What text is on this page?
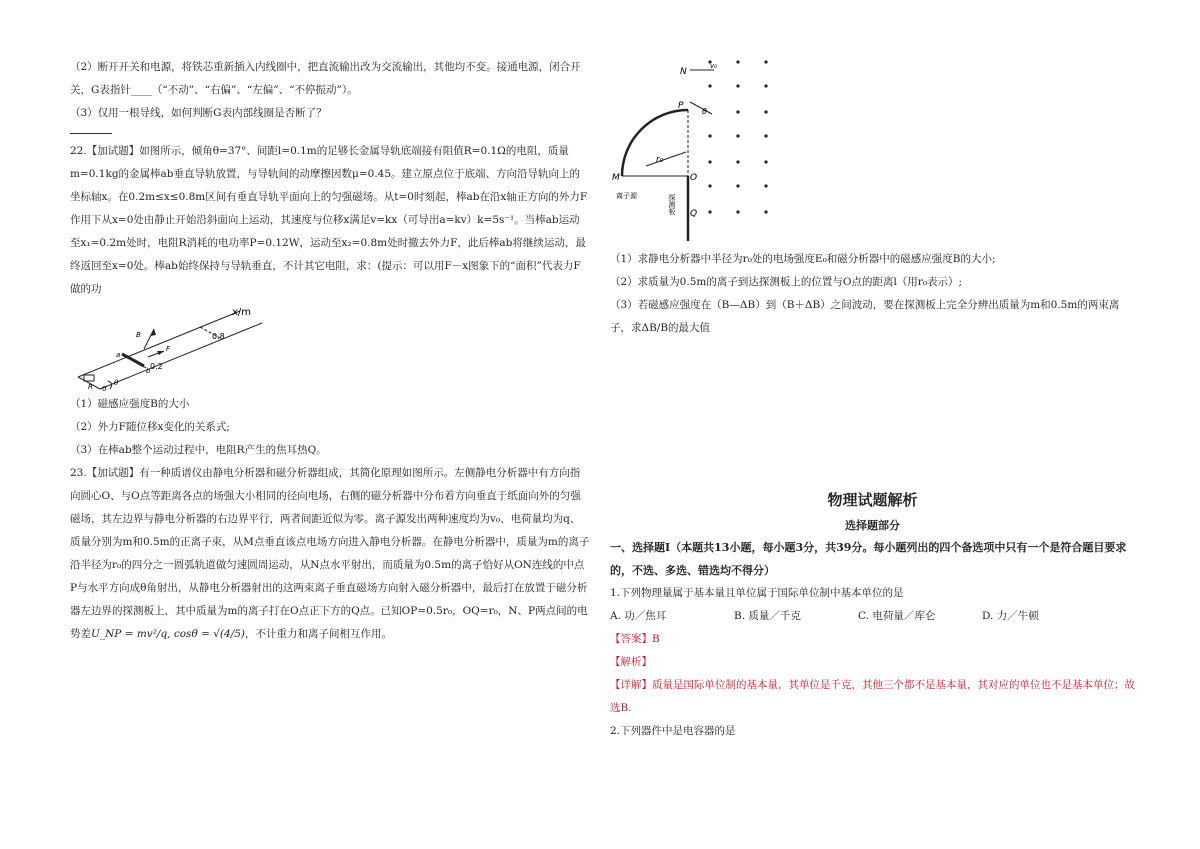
（2）断开开关和电源，将铁芯重新插入内线圈中，把直流输出改为交流输出，其他均不变。接通电源，闭合开关，G表指针____（“不动”、“右偏”、“左偏”、“不停振动”）。

（3）仅用一根导线，如何判断G表内部线圈是否断了？

22.【加试题】如图所示，倾角θ=37°、间距l=0.1m的足够长金属导轨底端接有阻值R=0.1Ω的电阻，质量m=0.1kg的金属棒ab垂直导轨放置，与导轨间的动摩擦因数μ=0.45。建立原点位于底端、方向沿导轨向上的坐标轴x。在0.2m≤x≤0.8m区间有垂直导轨平面向上的匀强磁场。从t=0时刻起，棒ab在沿x轴正方向的外力F作用下从x=0处由静止开始沿斜面向上运动，其速度与位移x满足v=kx（可导出a=kv）k=5s⁻¹。当棒ab运动至x₁=0.2m处时，电阻R消耗的电功率P=0.12W，运动至x₂=0.8m处时撤去外力F，此后棒ab将继续运动，最终返回至x=0处。棒ab始终保持与导轨垂直，不计其它电阻，求：(提示：可以用F－x图象下的“面积”代表力F做的功

x/m
0.8
0.2
0
B
F
R
a
b
θ

（1）磁感应强度B的大小

（2）外力F随位移x变化的关系式;

（3）在棒ab整个运动过程中，电阻R产生的焦耳热Q。

23.【加试题】有一种质谱仪由静电分析器和磁分析器组成，其简化原理如图所示。左侧静电分析器中有方向指向圆心O、与O点等距离各点的场强大小相同的径向电场，右侧的磁分析器中分布着方向垂直于纸面向外的匀强磁场，其左边界与静电分析器的右边界平行，两者间距近似为零。离子源发出两种速度均为v₀、电荷量均为q、质量分别为m和0.5m的正离子束，从M点垂直该点电场方向进入静电分析器。在静电分析器中，质量为m的离子沿半径为r₀的四分之一圆弧轨道做匀速圆周运动，从N点水平射出，而质量为0.5m的离子恰好从ON连线的中点P与水平方向成θ角射出，从静电分析器射出的这两束离子垂直磁场方向射入磁分析器中，最后打在放置于磁分析器左边界的探测板上，其中质量为m的离子打在O点正下方的Q点。已知OP=0.5r₀，OQ=r₀，N、P两点间的电势差U_NP = mv²/q, cosθ = √(4/5)，不计重力和离子间相互作用。

N
v₀
P
θ
r₀
M	O
Q
离子源	探测板

（1）求静电分析器中半径为r₀处的电场强度E₀和磁分析器中的磁感应强度B的大小;

（2）求质量为0.5m的离子到达探测板上的位置与O点的距离l（用r₀表示）;

（3）若磁感应强度在（B—ΔB）到（B＋ΔB）之间波动，要在探测板上完全分辨出质量为m和0.5m的两束离

子，求ΔB/B的最大值

物理试题解析
选择题部分

一、选择题Ⅰ（本题共13小题，每小题3分，共39分。每小题列出的四个备选项中只有一个是符合题目要求的，不选、多选、错选均不得分）

1.下列物理量属于基本量且单位属于国际单位制中基本单位的是

A. 功／焦耳	B. 质量／千克	C. 电荷量／库仑	D. 力／牛顿

【答案】B

【解析】

【详解】质量是国际单位制的基本量，其单位是千克，其他三个都不是基本量，其对应的单位也不是基本单位；故选B.

2.下列器件中是电容器的是
